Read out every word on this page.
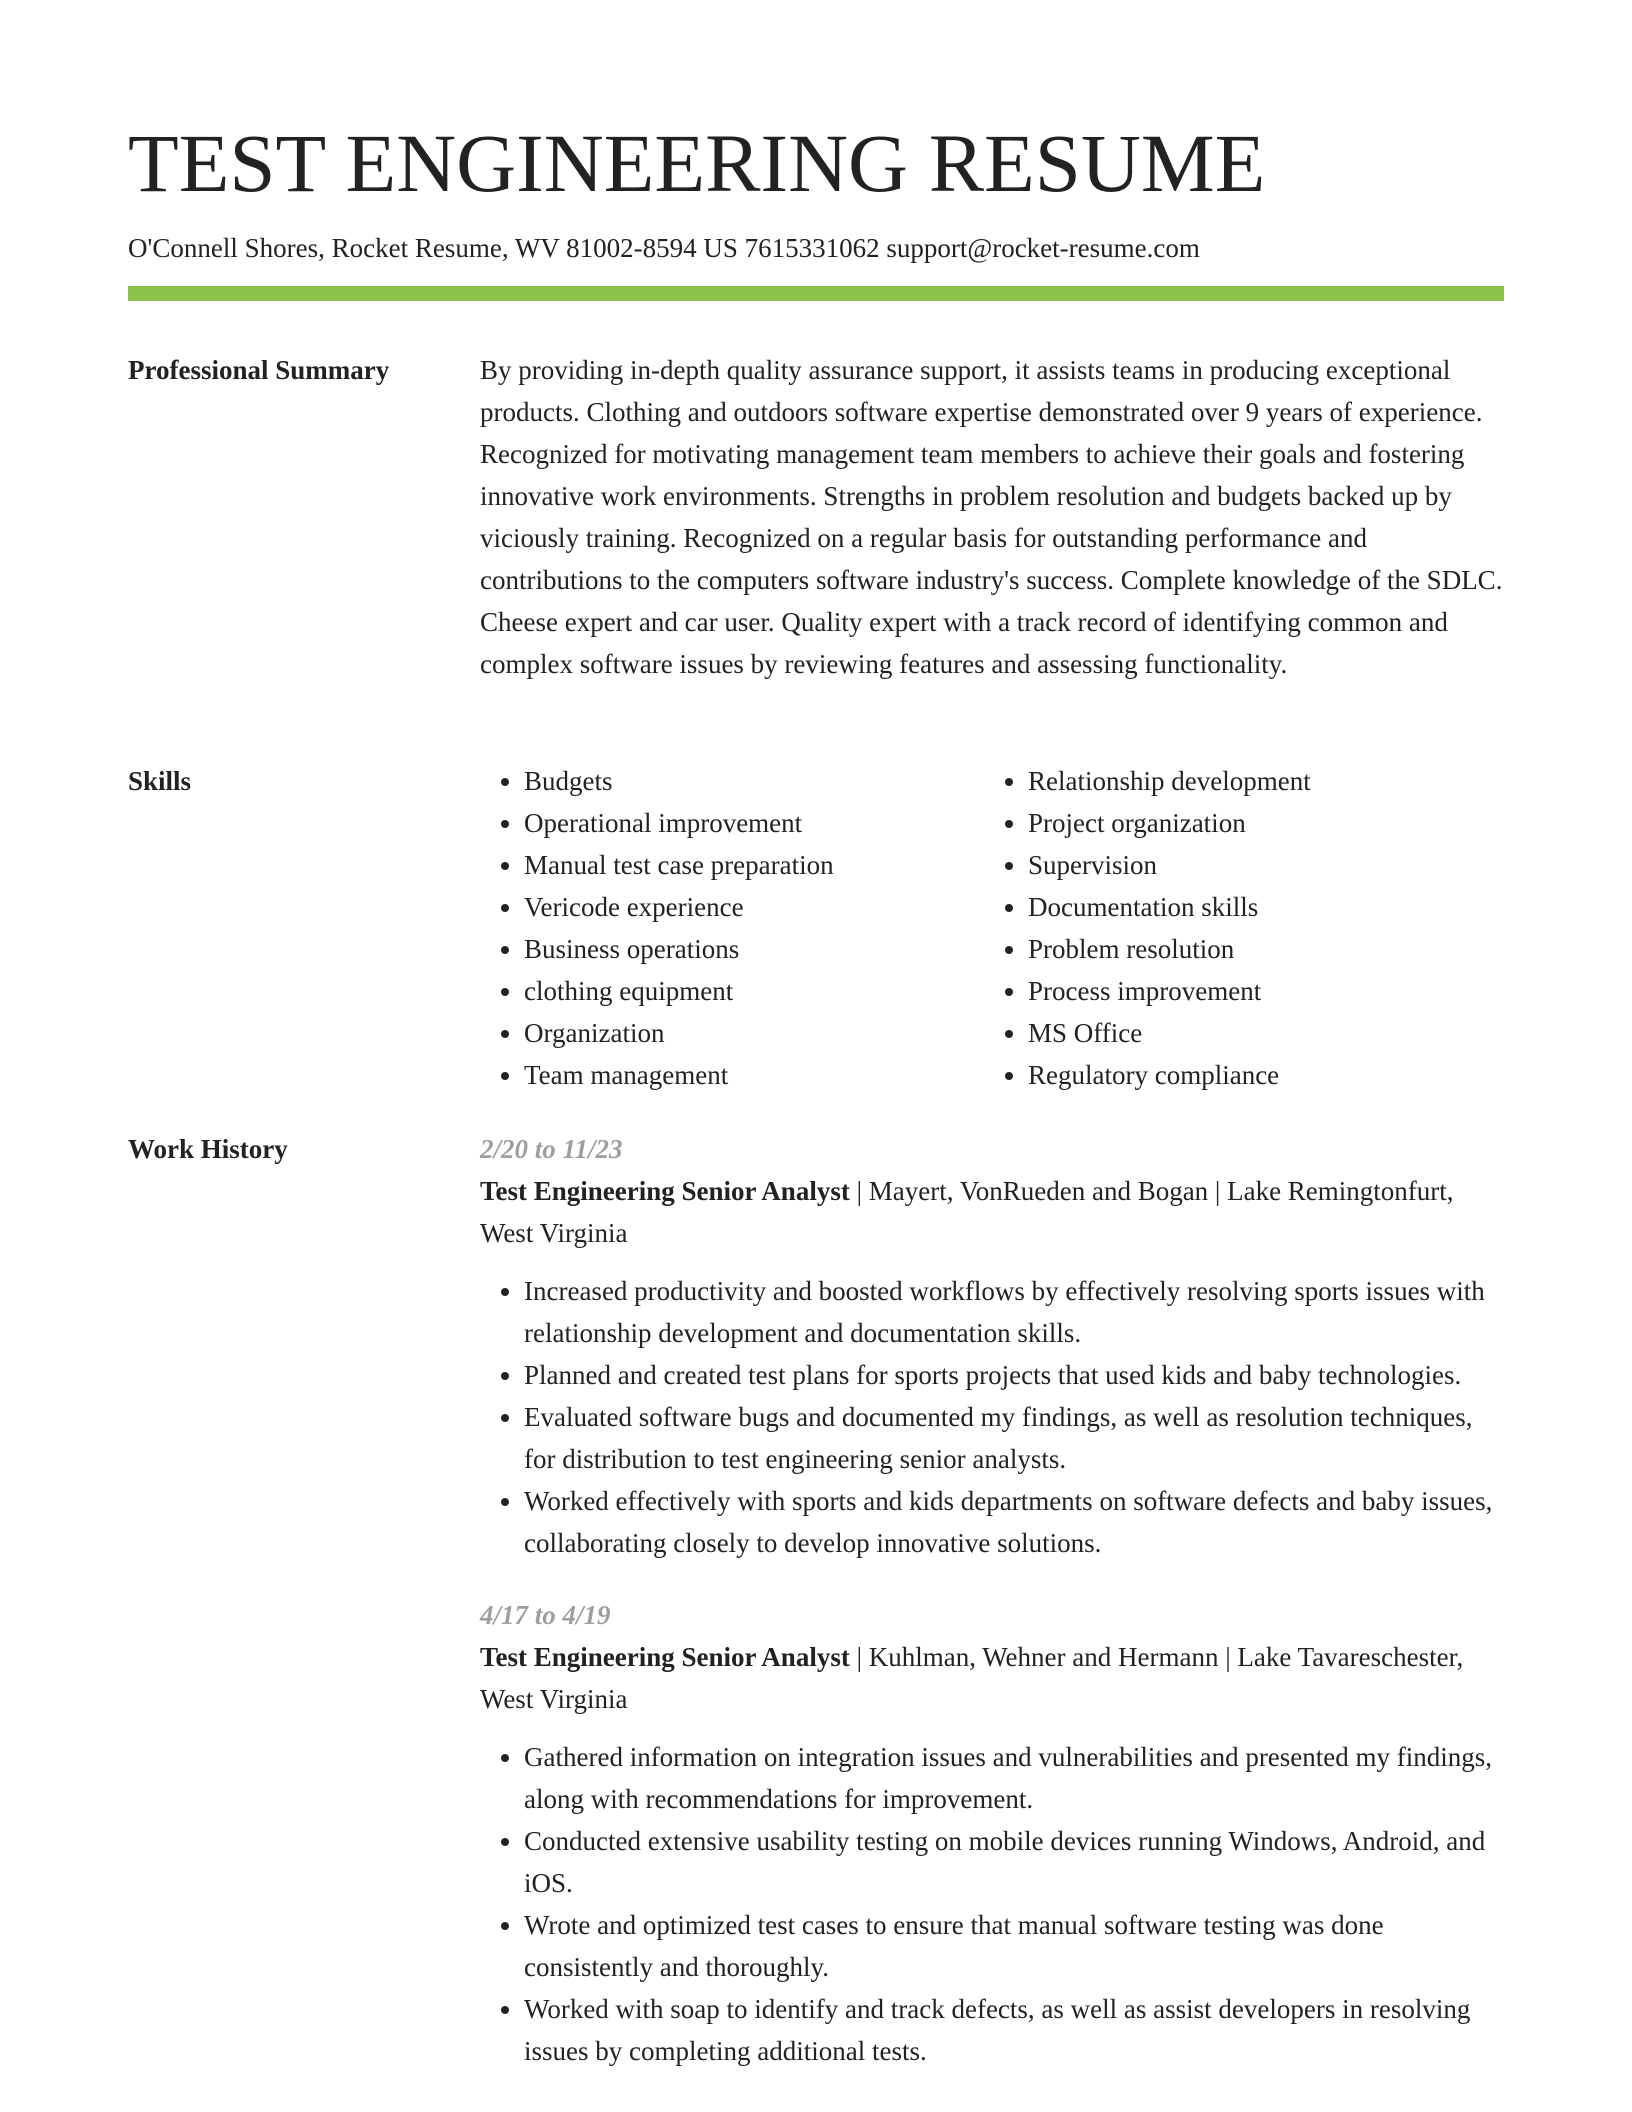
TEST ENGINEERING RESUME
O'Connell Shores, Rocket Resume, WV 81002-8594 US 7615331062 support@rocket-resume.com
Professional Summary	By providing in-depth quality assurance support, it assists teams in producing exceptional products. Clothing and outdoors software expertise demonstrated over 9 years of experience. Recognized for motivating management team members to achieve their goals and fostering innovative work environments. Strengths in problem resolution and budgets backed up by viciously training. Recognized on a regular basis for outstanding performance and contributions to the computers software industry's success. Complete knowledge of the SDLC. Cheese expert and car user. Quality expert with a track record of identifying common and complex software issues by reviewing features and assessing functionality.

Skills
•	Budgets
• Operational improvement
• Manual test case preparation
• Vericode experience
• Business operations
• clothing equipment
• Organization
• Team management
• Relationship development
• Project organization
• Supervision
• Documentation skills
• Problem resolution
• Process improvement
• MS Office
• Regulatory compliance
Work History	2/20 to 11/23
Test Engineering Senior Analyst | Mayert, VonRueden and Bogan | Lake Remingtonfurt, West Virginia
• Increased productivity and boosted workflows by effectively resolving sports issues with relationship development and documentation skills.
• Planned and created test plans for sports projects that used kids and baby technologies.
• Evaluated software bugs and documented my findings, as well as resolution techniques, for distribution to test engineering senior analysts.
• Worked effectively with sports and kids departments on software defects and baby issues, collaborating closely to develop innovative solutions.
4/17 to 4/19
Test Engineering Senior Analyst | Kuhlman, Wehner and Hermann | Lake Tavareschester, West Virginia
• Gathered information on integration issues and vulnerabilities and presented my findings, along with recommendations for improvement.
• Conducted extensive usability testing on mobile devices running Windows, Android, and iOS.
• Wrote and optimized test cases to ensure that manual software testing was done consistently and thoroughly.
• Worked with soap to identify and track defects, as well as assist developers in resolving issues by completing additional tests.
